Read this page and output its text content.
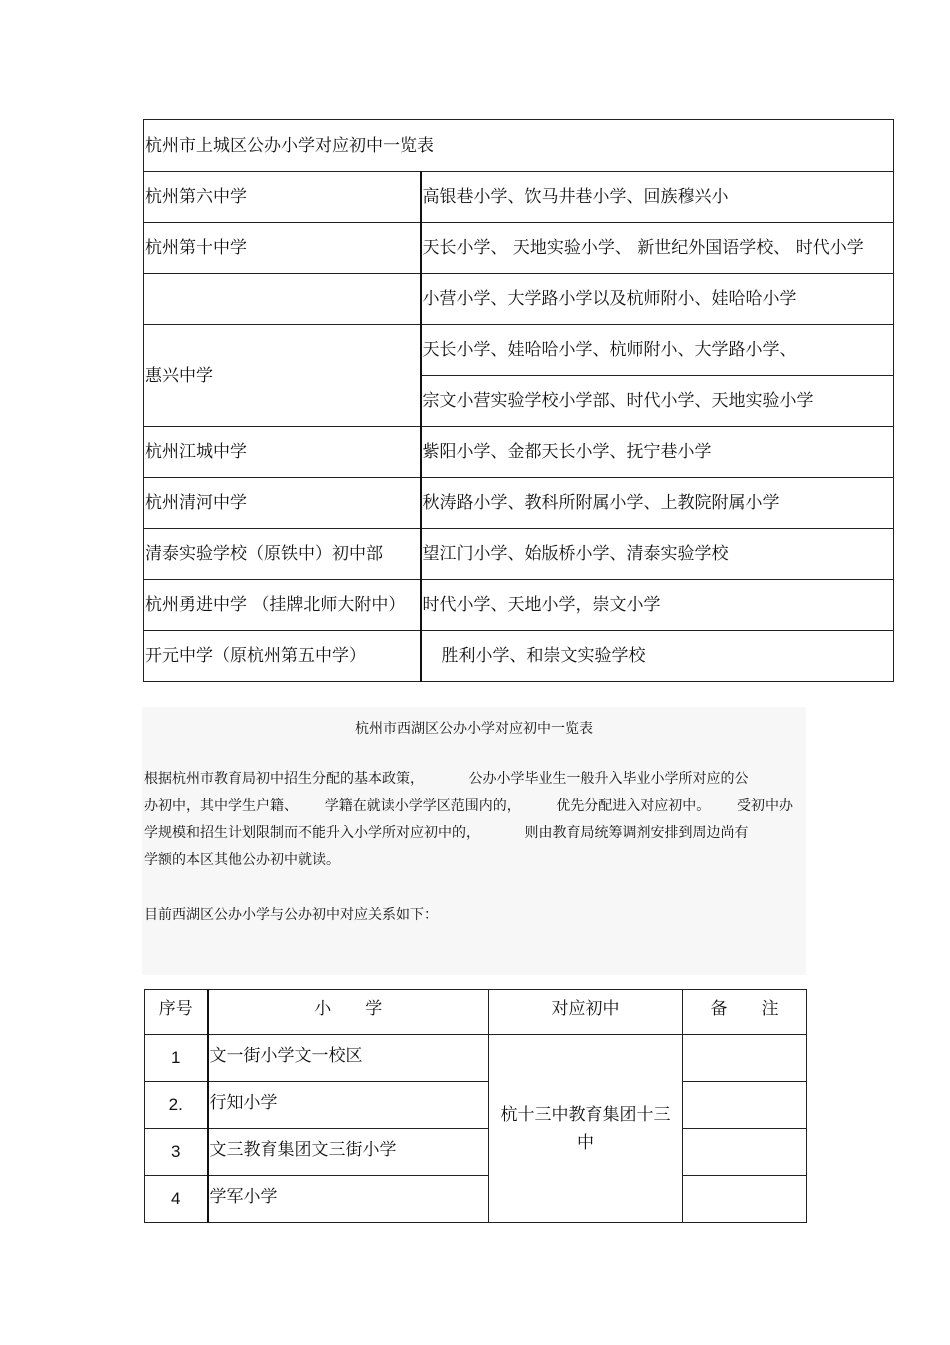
杭州市上城区公办小学对应初中一览表	
杭州第六中学	高银巷小学、饮马井巷小学、回族穆兴小
杭州第十中学	天长小学、 天地实验小学、 新世纪外国语学校、 时代小学
	小营小学、大学路小学以及杭师附小、娃哈哈小学
惠兴中学	天长小学、娃哈哈小学、杭师附小、大学路小学、
	宗文小营实验学校小学部、时代小学、天地实验小学
杭州江城中学	紫阳小学、金都天长小学、抚宁巷小学
杭州清河中学	秋涛路小学、教科所附属小学、上教院附属小学
清泰实验学校（原铁中）初中部	望江门小学、始版桥小学、清泰实验学校
杭州勇进中学 （挂牌北师大附中）	时代小学、天地小学，崇文小学
开元中学（原杭州第五中学）	胜利小学、和崇文实验学校
杭州市西湖区公办小学对应初中一览表
根据杭州市教育局初中招生分配的基本政策，          公办小学毕业生一般升入毕业小学所对应的公
办初中，其中学生户籍、      学籍在就读小学学区范围内的，        优先分配进入对应初中。      受初中办
学规模和招生计划限制而不能升入小学所对应初中的，          则由教育局统筹调剂安排到周边尚有
学额的本区其他公办初中就读。
目前西湖区公办小学与公办初中对应关系如下：
序号	小　　学	对应初中	备　　注
1	文一街小学文一校区	杭十三中教育集团十三中	
2.	行知小学		
3	文三教育集团文三街小学		
4	学军小学		
